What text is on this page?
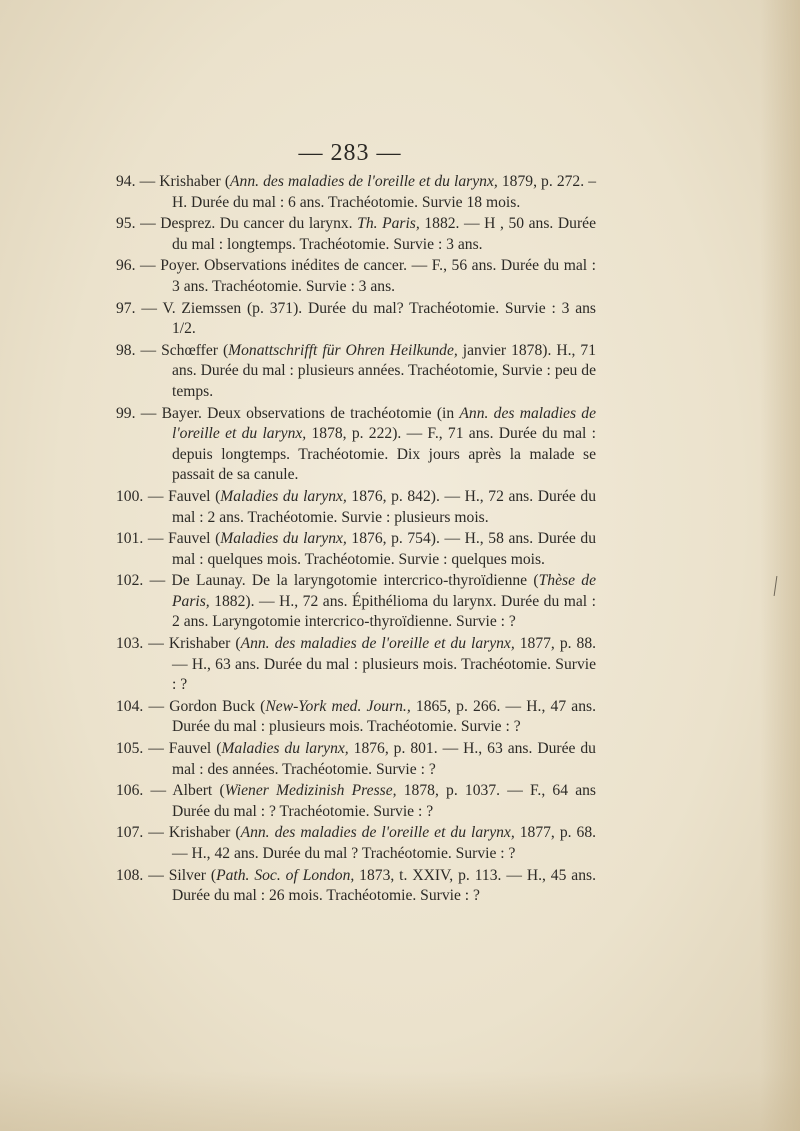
— 283 —

94. — Krishaber (Ann. des maladies de l'oreille et du larynx, 1879, p. 272. – H. Durée du mal : 6 ans. Trachéotomie. Survie 18 mois.

95. — Desprez. Du cancer du larynx. Th. Paris, 1882. — H , 50 ans. Durée du mal : longtemps. Trachéotomie. Survie : 3 ans.

96. — Poyer. Observations inédites de cancer. — F., 56 ans. Durée du mal : 3 ans. Trachéotomie. Survie : 3 ans.

97. — V. Ziemssen (p. 371). Durée du mal? Trachéotomie. Survie : 3 ans 1/2.

98. — Schœffer (Monattschrifft für Ohren Heilkunde, janvier 1878). H., 71 ans. Durée du mal : plusieurs années. Trachéotomie, Survie : peu de temps.

99. — Bayer. Deux observations de trachéotomie (in Ann. des maladies de l'oreille et du larynx, 1878, p. 222). — F., 71 ans. Durée du mal : depuis longtemps. Trachéotomie. Dix jours après la malade se passait de sa canule.

100. — Fauvel (Maladies du larynx, 1876, p. 842). — H., 72 ans. Durée du mal : 2 ans. Trachéotomie. Survie : plusieurs mois.

101. — Fauvel (Maladies du larynx, 1876, p. 754). — H., 58 ans. Durée du mal : quelques mois. Trachéotomie. Survie : quelques mois.

102. — De Launay. De la laryngotomie intercrico-thyroïdienne (Thèse de Paris, 1882). — H., 72 ans. Épithélioma du larynx. Durée du mal : 2 ans. Laryngotomie intercrico-thyroïdienne. Survie : ?

103. — Krishaber (Ann. des maladies de l'oreille et du larynx, 1877, p. 88. — H., 63 ans. Durée du mal : plusieurs mois. Trachéotomie. Survie : ?

104. — Gordon Buck (New-York med. Journ., 1865, p. 266. — H., 47 ans. Durée du mal : plusieurs mois. Trachéotomie. Survie : ?

105. — Fauvel (Maladies du larynx, 1876, p. 801. — H., 63 ans. Durée du mal : des années. Trachéotomie. Survie : ?

106. — Albert (Wiener Medizinish Presse, 1878, p. 1037. — F., 64 ans Durée du mal : ? Trachéotomie. Survie : ?

107. — Krishaber (Ann. des maladies de l'oreille et du larynx, 1877, p. 68. — H., 42 ans. Durée du mal ? Trachéotomie. Survie : ?

108. — Silver (Path. Soc. of London, 1873, t. XXIV, p. 113. — H., 45 ans. Durée du mal : 26 mois. Trachéotomie. Survie : ?
